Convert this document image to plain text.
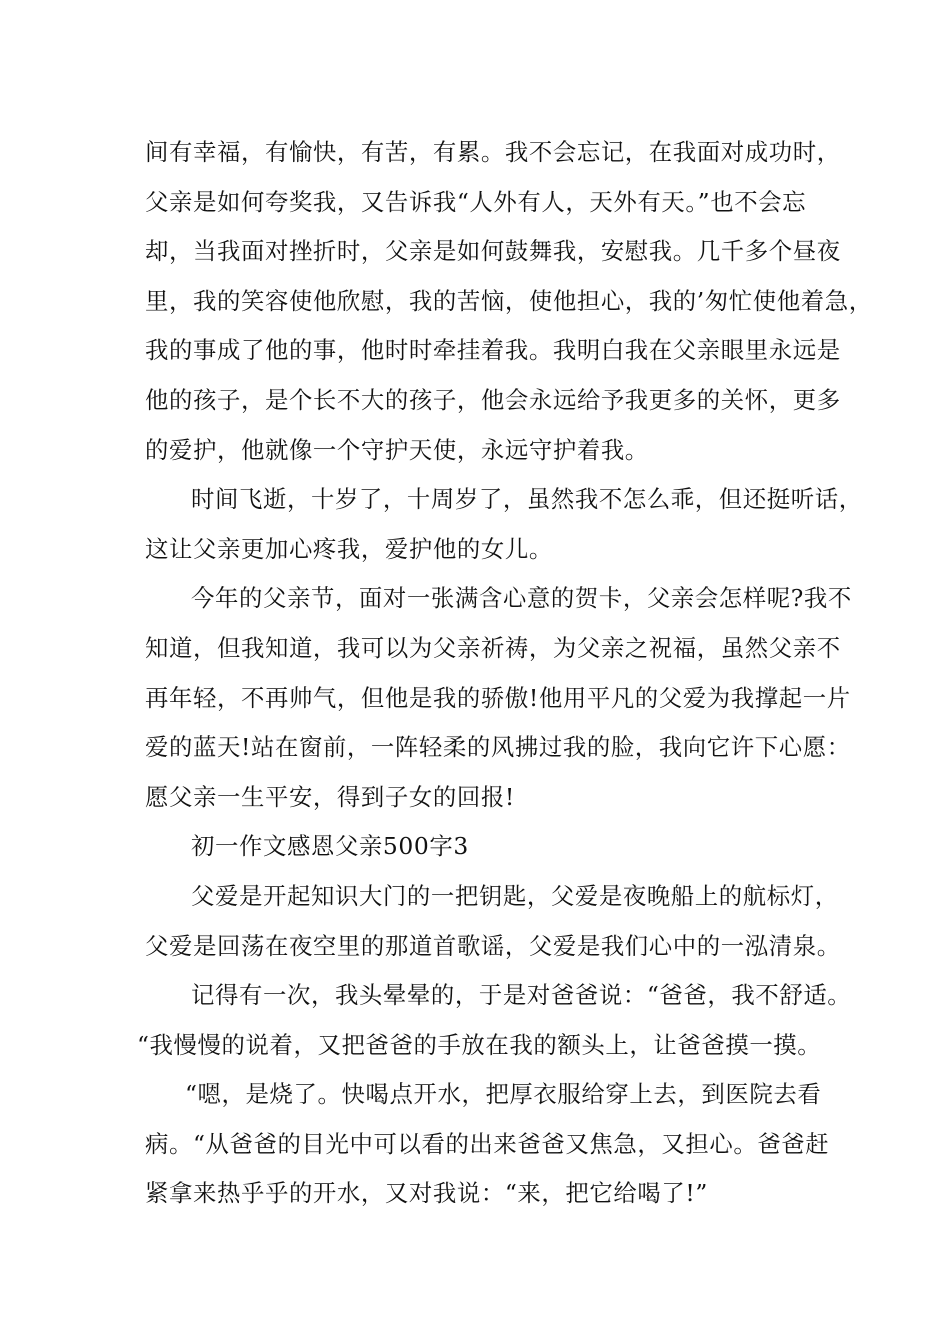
间有幸福，有愉快，有苦，有累。我不会忘记，在我面对成功时，
父亲是如何夸奖我，又告诉我“人外有人，天外有天。”也不会忘
却，当我面对挫折时，父亲是如何鼓舞我，安慰我。几千多个昼夜
里，我的笑容使他欣慰，我的苦恼，使他担心，我的’匆忙使他着急，
我的事成了他的事，他时时牵挂着我。我明白我在父亲眼里永远是
他的孩子，是个长不大的孩子，他会永远给予我更多的关怀，更多
的爱护，他就像一个守护天使，永远守护着我。
时间飞逝，十岁了，十周岁了，虽然我不怎么乖，但还挺听话，
这让父亲更加心疼我，爱护他的女儿。
今年的父亲节，面对一张满含心意的贺卡，父亲会怎样呢?我不
知道，但我知道，我可以为父亲祈祷，为父亲之祝福，虽然父亲不
再年轻，不再帅气，但他是我的骄傲!他用平凡的父爱为我撑起一片
爱的蓝天!站在窗前，一阵轻柔的风拂过我的脸，我向它许下心愿：
愿父亲一生平安，得到子女的回报!
初一作文感恩父亲500字3
父爱是开起知识大门的一把钥匙，父爱是夜晚船上的航标灯，
父爱是回荡在夜空里的那道首歌谣，父爱是我们心中的一泓清泉。
记得有一次，我头晕晕的，于是对爸爸说：“爸爸，我不舒适。
“我慢慢的说着，又把爸爸的手放在我的额头上，让爸爸摸一摸。
“嗯，是烧了。快喝点开水，把厚衣服给穿上去，到医院去看
病。“从爸爸的目光中可以看的出来爸爸又焦急，又担心。爸爸赶
紧拿来热乎乎的开水，又对我说：“来，把它给喝了!”
